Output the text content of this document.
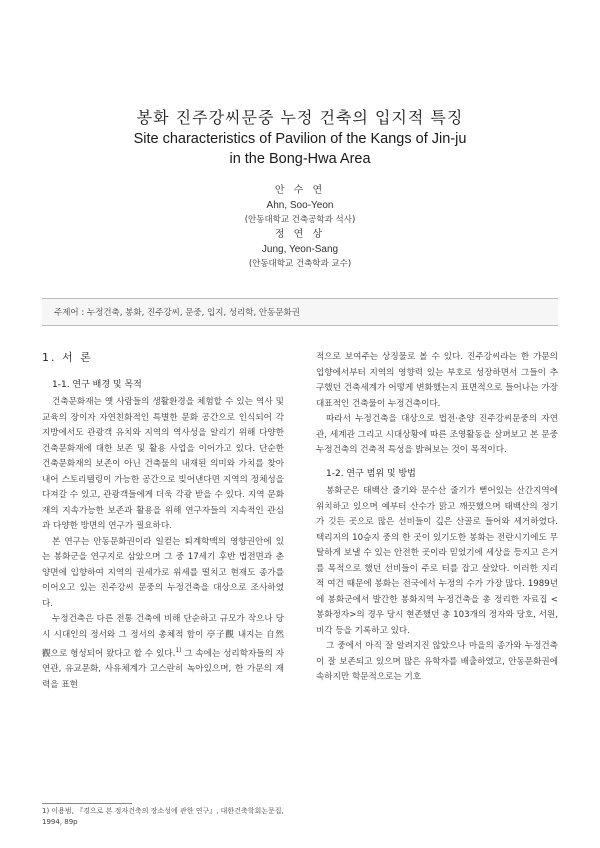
봉화 진주강씨문중 누정 건축의 입지적 특징
Site characteristics of Pavilion of the Kangs of Jin-ju
in the Bong-Hwa Area
안 수 연
Ahn, Soo-Yeon
(안동대학교 건축공학과 석사)
정 연 상
Jung, Yeon-Sang
(안동대학교 건축학과 교수)
주제어 : 누정건축, 봉화, 진주강씨, 문중, 입지, 성리학, 안동문화권
1. 서 론
1-1. 연구 배경 및 목적

건축문화재는 옛 사람들의 생활환경을 체험할 수 있는 역사 및 교육의 장이자 자연친화적인 특별한 문화 공간으로 인식되어 각 지방에서도 관광객 유치와 지역의 역사성을 알리기 위해 다양한 건축문화재에 대한 보존 및 활용 사업을 이어가고 있다. 단순한 건축문화재의 보존이 아닌 건축물의 내재된 의미와 가치를 찾아내어 스토리텔링이 가능한 공간으로 빚어낸다면 지역의 정체성을 다져갈 수 있고, 관광객들에게 더욱 각광 받을 수 있다. 지역 문화재의 지속가능한 보존과 활용을 위해 연구자들의 지속적인 관심과 다양한 방면의 연구가 필요하다.

본 연구는 안동문화권이라 일컫는 퇴계학맥의 영향권안에 있는 봉화군을 연구지로 삼았으며 그 중 17세기 후반 법전면과 춘양면에 입향하여 지역의 권세가로 위세를 떨치고 현재도 종가를 이어오고 있는 진주강씨 문중의 누정건축을 대상으로 조사하였다.

누정건축은 다른 전통 건축에 비해 단순하고 규모가 작으나 당시 시대인의 정서와 그 정서의 총체적 함이 亭子觀 내지는 自然觀으로 형성되어 왔다고 할 수 있다.$^{1)}$ 그 속에는 성리학자들의 자연관, 유교문화, 사유체계가 고스란히 녹아있으며, 한 가문의 재력을 표현

1) 이용범, 『경으로 본 정자건축의 장소성에 관한 연구』, 대한건축학회논문집, 1994, 89p

적으로 보여주는 상징물로 볼 수 있다. 진주강씨라는 한 가문의 입향에서부터 지역의 영향력 있는 부호로 성장하면서 그들이 추구했던 건축세계가 어떻게 변화했는지 표면적으로 들어나는 가장 대표적인 건축물이 누정건축이다.

따라서 누정건축을 대상으로 법전·춘양 진주강씨문중의 자연관, 세계관 그리고 시대상황에 따른 조영활동을 살펴보고 본 문중 누정건축의 건축적 특성을 밝혀보는 것이 목적이다.

1-2. 연구 범위 및 방법

봉화군은 태백산 줄기와 문수산 줄기가 뻗어있는 산간지역에 위치하고 있으며 예부터 산수가 맑고 깨끗했으며 태백산의 정기가 깃든 곳으로 많은 선비들이 깊은 산골로 들어와 세거하였다. 택리지의 10승지 중의 한 곳이 있기도한 봉화는 전란시기에도 무탈하게 보낼 수 있는 안전한 곳이라 믿었기에 세상을 등지고 은거를 목적으로 했던 선비들이 주로 터를 잡고 살았다. 이러한 지리적 여건 때문에 봉화는 전국에서 누정의 수가 가장 많다. 1989년에 봉화군에서 발간한 봉화지역 누정건축을 총 정리한 자료집 <봉화정자>의 경우 당시 현존했던 총 103개의 정자와 당호, 서원, 비각 등을 기록하고 있다.

그 중에서 아직 잘 알려지진 않았으나 마을의 종가와 누정건축이 잘 보존되고 있으며 많은 유학자를 배출하였고, 안동문화권에 속하지만 학문적으로는 기호
